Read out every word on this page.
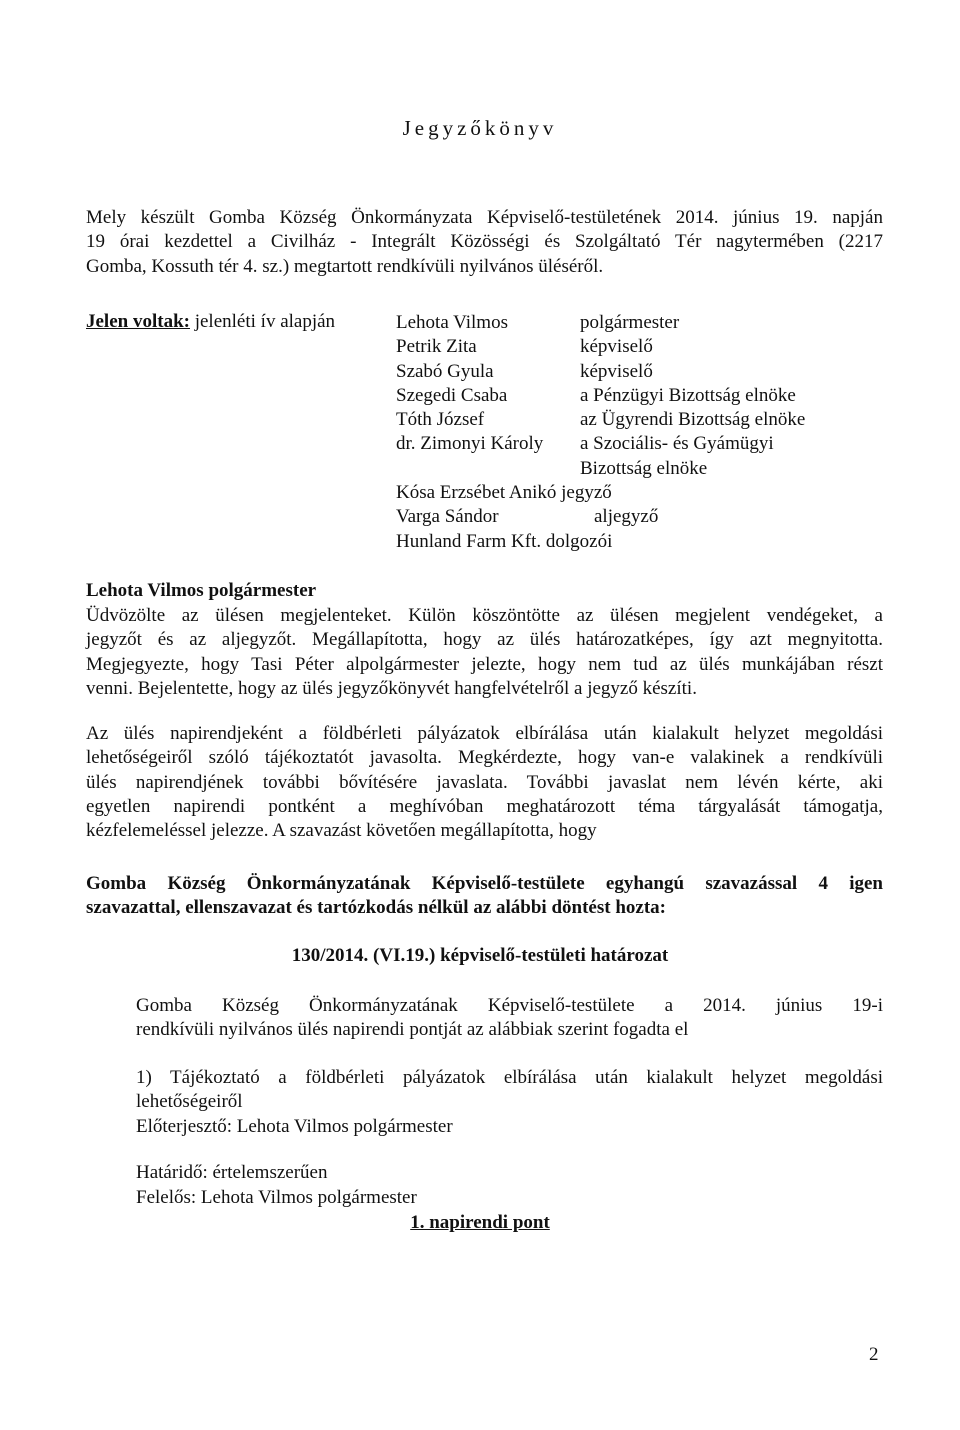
Jegyzőkönyv
Mely készült Gomba Község Önkormányzata Képviselő-testületének 2014. június 19. napján
19 órai kezdettel a Civilház - Integrált Közösségi és Szolgáltató Tér nagytermében (2217
Gomba, Kossuth tér 4. sz.) megtartott rendkívüli nyilvános üléséről.
Jelen voltak: jelenléti ív alapján	Lehota Vilmos
Petrik Zita
Szabó Gyula
Szegedi Csaba
Tóth József
dr. Zimonyi Károly
Kósa Erzsébet Anikó jegyző
Varga Sándor
Hunland Farm Kft. dolgozói
polgármester
képviselő
képviselő
a Pénzügyi Bizottság elnöke
az Ügyrendi Bizottság elnöke
a Szociális- és Gyámügyi
Bizottság elnöke
aljegyző
Lehota Vilmos polgármester
Üdvözölte az ülésen megjelenteket. Külön köszöntötte az ülésen megjelent vendégeket, a
jegyzőt és az aljegyzőt. Megállapította, hogy az ülés határozatképes, így azt megnyitotta.
Megjegyezte, hogy Tasi Péter alpolgármester jelezte, hogy nem tud az ülés munkájában részt
venni. Bejelentette, hogy az ülés jegyzőkönyvét hangfelvételről a jegyző készíti.
Az ülés napirendjeként a földbérleti pályázatok elbírálása után kialakult helyzet megoldási
lehetőségeiről szóló tájékoztatót javasolta. Megkérdezte, hogy van-e valakinek a rendkívüli
ülés napirendjének további bővítésére javaslata. További javaslat nem lévén kérte, aki
egyetlen napirendi pontként a meghívóban meghatározott téma tárgyalását támogatja,
kézfelemeléssel jelezze. A szavazást követően megállapította, hogy
Gomba Község Önkormányzatának Képviselő-testülete egyhangú szavazással 4 igen
szavazattal, ellenszavazat és tartózkodás nélkül az alábbi döntést hozta:
130/2014. (VI.19.) képviselő-testületi határozat
Gomba Község Önkormányzatának Képviselő-testülete a 2014. június 19-i
rendkívüli nyilvános ülés napirendi pontját az alábbiak szerint fogadta el
1) Tájékoztató a földbérleti pályázatok elbírálása után kialakult helyzet megoldási
lehetőségeiről
Előterjesztő: Lehota Vilmos polgármester
Határidő: értelemszerűen
Felelős: Lehota Vilmos polgármester
1. napirendi pont
2
